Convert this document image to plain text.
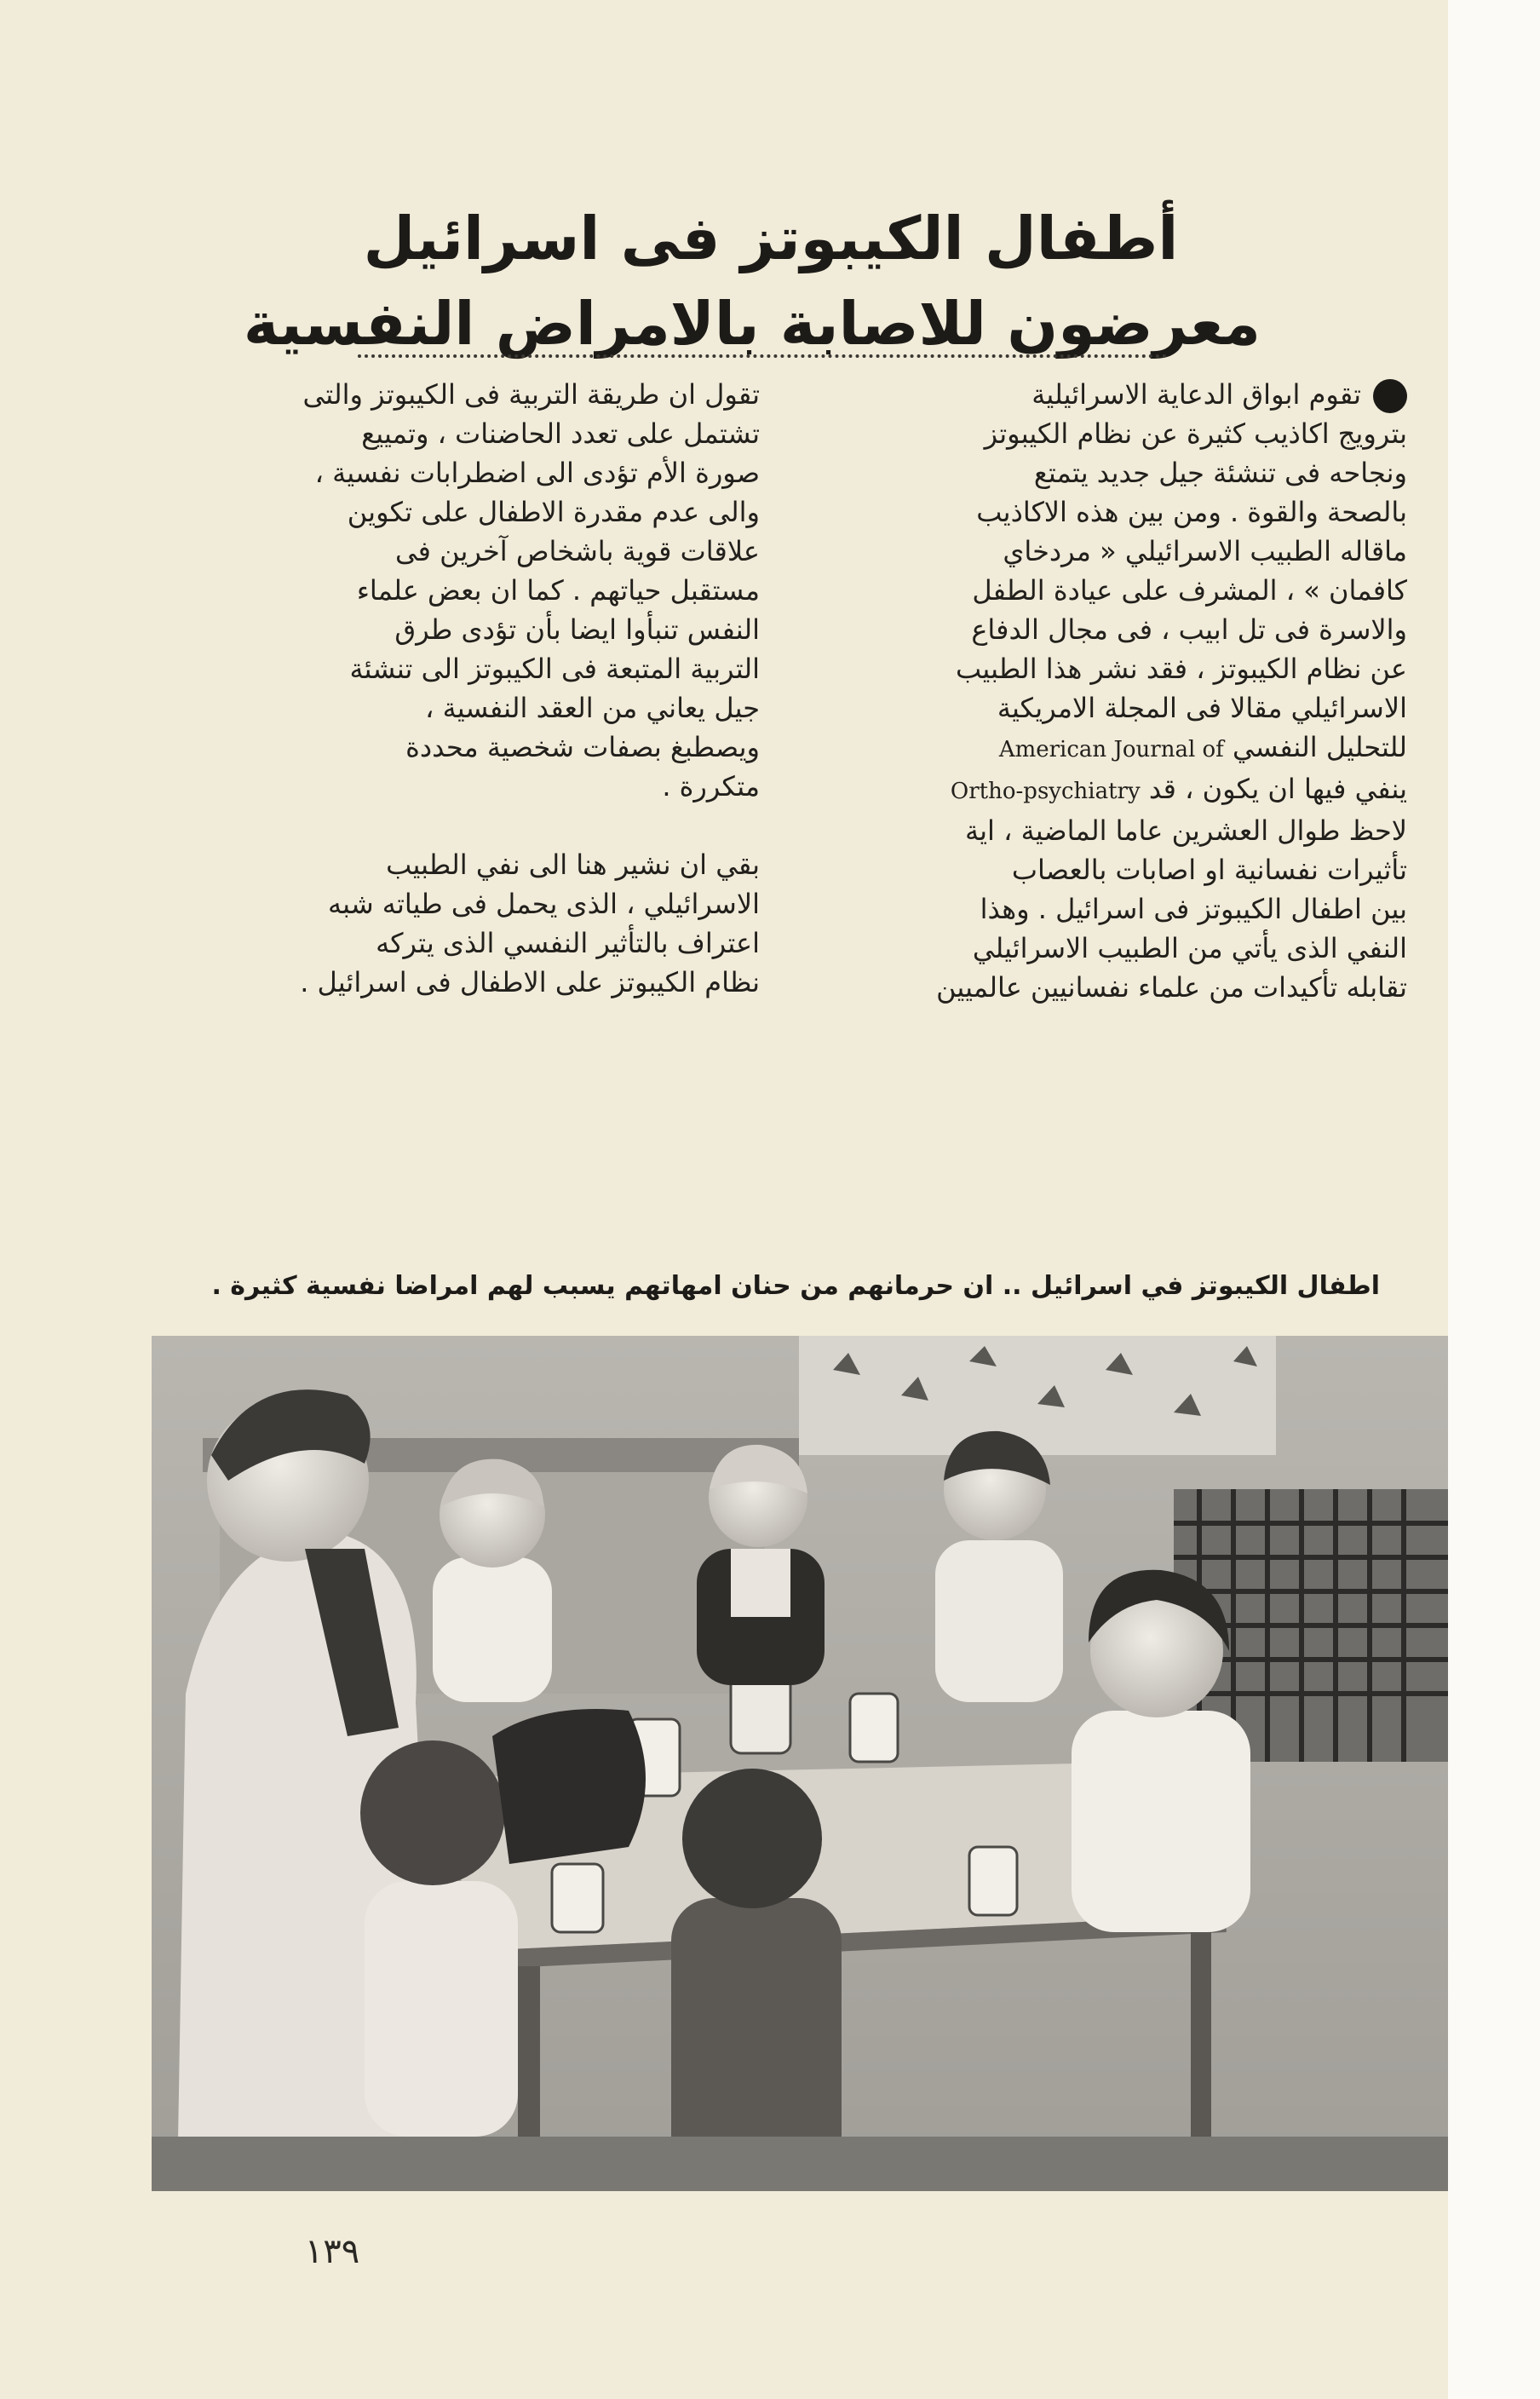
أطفال الكيبوتز فى اسرائيل
معرضون للاصابة بالامراض النفسية
تقوم ابواق الدعاية الاسرائيلية
بترويج اكاذيب كثيرة عن نظام الكيبوتز
ونجاحه فى تنشئة جيل جديد يتمتع
بالصحة والقوة . ومن بين هذه الاكاذيب
ماقاله الطبيب الاسرائيلي « مردخاي
كافمان » ، المشرف على عيادة الطفل
والاسرة فى تل ابيب ، فى مجال الدفاع
عن نظام الكيبوتز ، فقد نشر هذا الطبيب
الاسرائيلي مقالا فى المجلة الامريكية
للتحليل النفسي American Journal of
ينفي فيها ان يكون ، قد Ortho-psychiatry
لاحظ طوال العشرين عاما الماضية ، اية
تأثيرات نفسانية او اصابات بالعصاب
بين اطفال الكيبوتز فى اسرائيل . وهذا
النفي الذى يأتي من الطبيب الاسرائيلي
تقابله تأكيدات من علماء نفسانيين عالميين
تقول ان طريقة التربية فى الكيبوتز والتى
تشتمل على تعدد الحاضنات ، وتمييع
صورة الأم تؤدى الى اضطرابات نفسية ،
والى عدم مقدرة الاطفال على تكوين
علاقات قوية باشخاص آخرين فى
مستقبل حياتهم . كما ان بعض علماء
النفس تنبأوا ايضا بأن تؤدى طرق
التربية المتبعة فى الكيبوتز الى تنشئة
جيل يعاني من العقد النفسية ،
ويصطبغ بصفات شخصية محددة
متكررة .
بقي ان نشير هنا الى نفي الطبيب
الاسرائيلي ، الذى يحمل فى طياته شبه
اعتراف بالتأثير النفسي الذى يتركه
نظام الكيبوتز على الاطفال فى اسرائيل .
اطفال الكيبوتز في اسرائيل .. ان حرمانهم من حنان امهاتهم يسبب لهم امراضا نفسية كثيرة .
١٣٩
